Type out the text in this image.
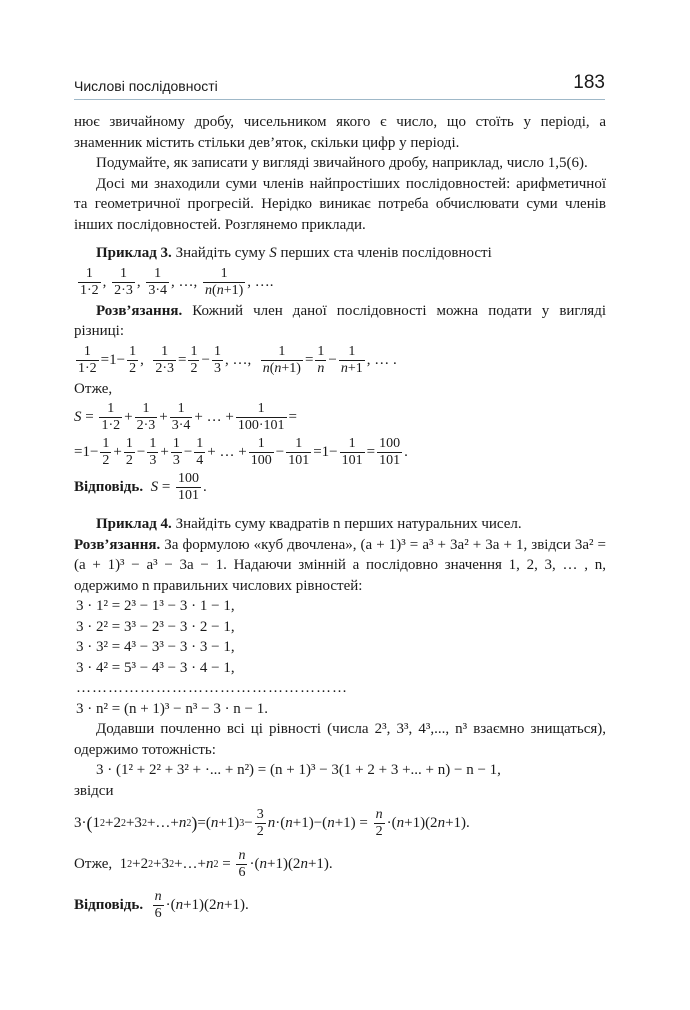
Числові послідовності	183

нює звичайному дробу, чисельником якого є число, що стоїть у періоді, а знаменник містить стільки дев’яток, скільки цифр у періоді.

Подумайте, як записати у вигляді звичайного дробу, наприклад, число 1,5(6).

Досі ми знаходили суми членів найпростіших послідовностей: арифметичної та геометричної прогресій. Нерідко виникає потреба обчислювати суми членів інших послідовностей. Розглянемо приклади.

Приклад 3. Знайдіть суму S перших ста членів послідовності

$\frac{1}{1\cdot 2}$ , $\frac{1}{2\cdot 3}$ , $\frac{1}{3\cdot 4}$ , …, $\frac{1}{n(n+1)}$ , ….

Розв’язання. Кожний член даної послідовності можна подати у вигляді різниці:

$\frac{1}{1\cdot 2} =1- \frac{1}{2}$ , $\frac{1}{2\cdot 3} = \frac{1}{2} - \frac{1}{3}$ , …, $\frac{1}{n(n+1)} = \frac{1}{n} - \frac{1}{n+1}$ , … .

Отже,

$S = \frac{1}{1\cdot 2} + \frac{1}{2\cdot 3} + \frac{1}{3\cdot 4}$ + … + $\frac{1}{100\cdot 101}$ =
$=1- \frac{1}{2} + \frac{1}{2} - \frac{1}{3} + \frac{1}{3} - \frac{1}{4}$ + … + $\frac{1}{100} - \frac{1}{101} =1- \frac{1}{101} = \frac{100}{101}$ .
Відповідь.
$S = \frac{100}{101}$ .

Приклад 4. Знайдіть суму квадратів n перших натуральних чисел.

Розв’язання. За формулою «куб двочлена», (a + 1)³ = a³ + 3a² + 3a + 1, звідси 3a² = (a + 1)³ − a³ − 3a − 1. Надаючи змінній a послідовно значення 1, 2, 3, … , n, одержимо n правильних числових рівностей:

3 · 1² = 2³ − 1³ − 3 · 1 − 1,

3 · 2² = 3³ − 2³ − 3 · 2 − 1,

3 · 3² = 4³ − 3³ − 3 · 3 − 1,

3 · 4² = 5³ − 4³ − 3 · 4 − 1,

……………………………………………

3 · n² = (n + 1)³ − n³ − 3 · n − 1.

Додавши почленно всі ці рівності (числа 2³, 3³, 4³,..., n³ взаємно знищаться), одержимо тотожність:

3 · (1² + 2² + 3² + ·... + n²) = (n + 1)³ − 3(1 + 2 + 3 +... + n) − n − 1,

звідси

3· ( 1 2 +2 2 +3 2 +…+ n 2 ) =( n +1) $3 - \frac{3}{2}$ n ·( n +1)−( $n +1) = \frac{n}{2}$ ·( n +1)(2 n +1).
Отже, 1 2 +2 2 +3 2 +…+ n $2 = \frac{n}{6}$ ·( n +1)(2 n +1).
Відповідь.
$\frac{n}{6}$ ·( n +1)(2 n +1).
